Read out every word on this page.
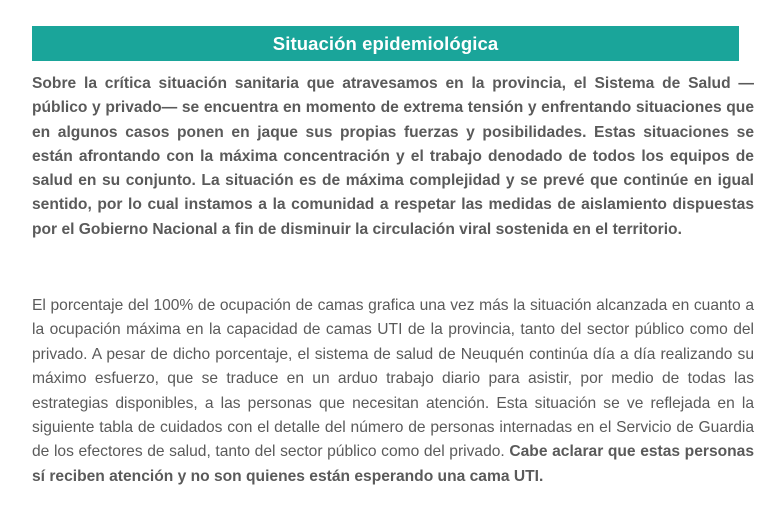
Situación epidemiológica

Sobre la crítica situación sanitaria que atravesamos en la provincia, el Sistema de Salud —público y privado— se encuentra en momento de extrema tensión y enfrentando situaciones que en algunos casos ponen en jaque sus propias fuerzas y posibilidades. Estas situaciones se están afrontando con la máxima concentración y el trabajo denodado de todos los equipos de salud en su conjunto. La situación es de máxima complejidad y se prevé que continúe en igual sentido, por lo cual instamos a la comunidad a respetar las medidas de aislamiento dispuestas por el Gobierno Nacional a fin de disminuir la circulación viral sostenida en el territorio.

El porcentaje del 100% de ocupación de camas grafica una vez más la situación alcanzada en cuanto a la ocupación máxima en la capacidad de camas UTI de la provincia, tanto del sector público como del privado. A pesar de dicho porcentaje, el sistema de salud de Neuquén continúa día a día realizando su máximo esfuerzo, que se traduce en un arduo trabajo diario para asistir, por medio de todas las estrategias disponibles, a las personas que necesitan atención. Esta situación se ve reflejada en la siguiente tabla de cuidados con el detalle del número de personas internadas en el Servicio de Guardia de los efectores de salud, tanto del sector público como del privado. Cabe aclarar que estas personas sí reciben atención y no son quienes están esperando una cama UTI.
